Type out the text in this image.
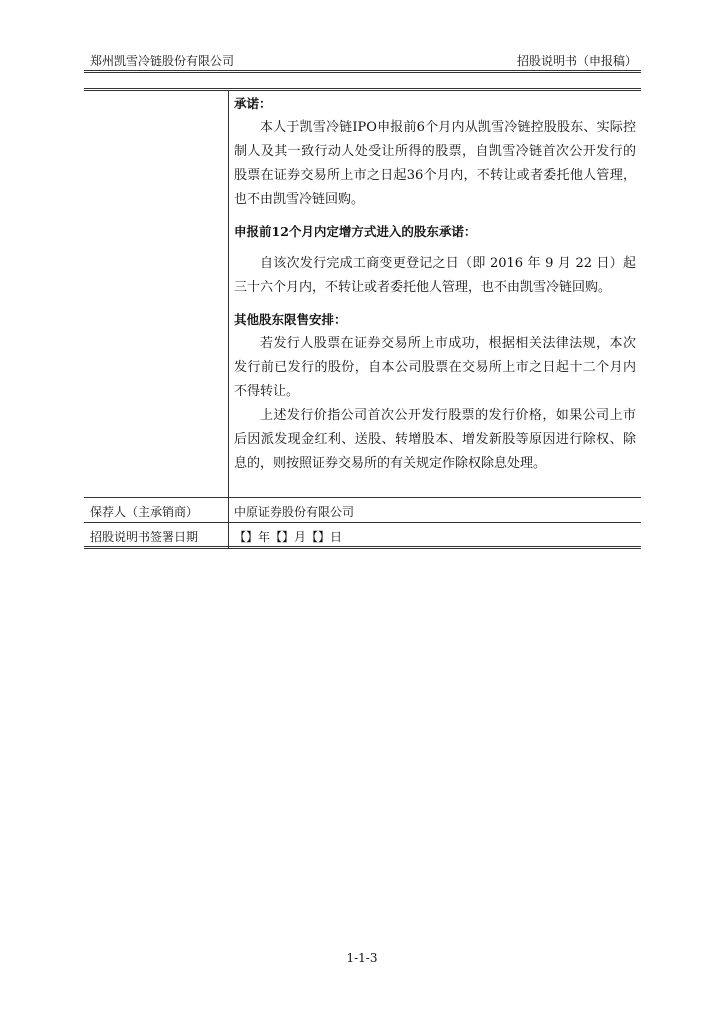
郑州凯雪冷链股份有限公司	招股说明书（申报稿）

承诺：

本人于凯雪冷链IPO申报前6个月内从凯雪冷链控股股东、实际控制人及其一致行动人处受让所得的股票，自凯雪冷链首次公开发行的股票在证券交易所上市之日起36个月内，不转让或者委托他人管理，也不由凯雪冷链回购。

申报前12个月内定增方式进入的股东承诺：

自该次发行完成工商变更登记之日（即 2016 年 9 月 22 日）起三十六个月内，不转让或者委托他人管理，也不由凯雪冷链回购。

其他股东限售安排：

若发行人股票在证券交易所上市成功，根据相关法律法规，本次发行前已发行的股份，自本公司股票在交易所上市之日起十二个月内不得转让。

上述发行价指公司首次公开发行股票的发行价格，如果公司上市后因派发现金红利、送股、转增股本、增发新股等原因进行除权、除息的，则按照证券交易所的有关规定作除权除息处理。

保荐人（主承销商）	中原证券股份有限公司
招股说明书签署日期	【】年【】月【】日
1-1-3
